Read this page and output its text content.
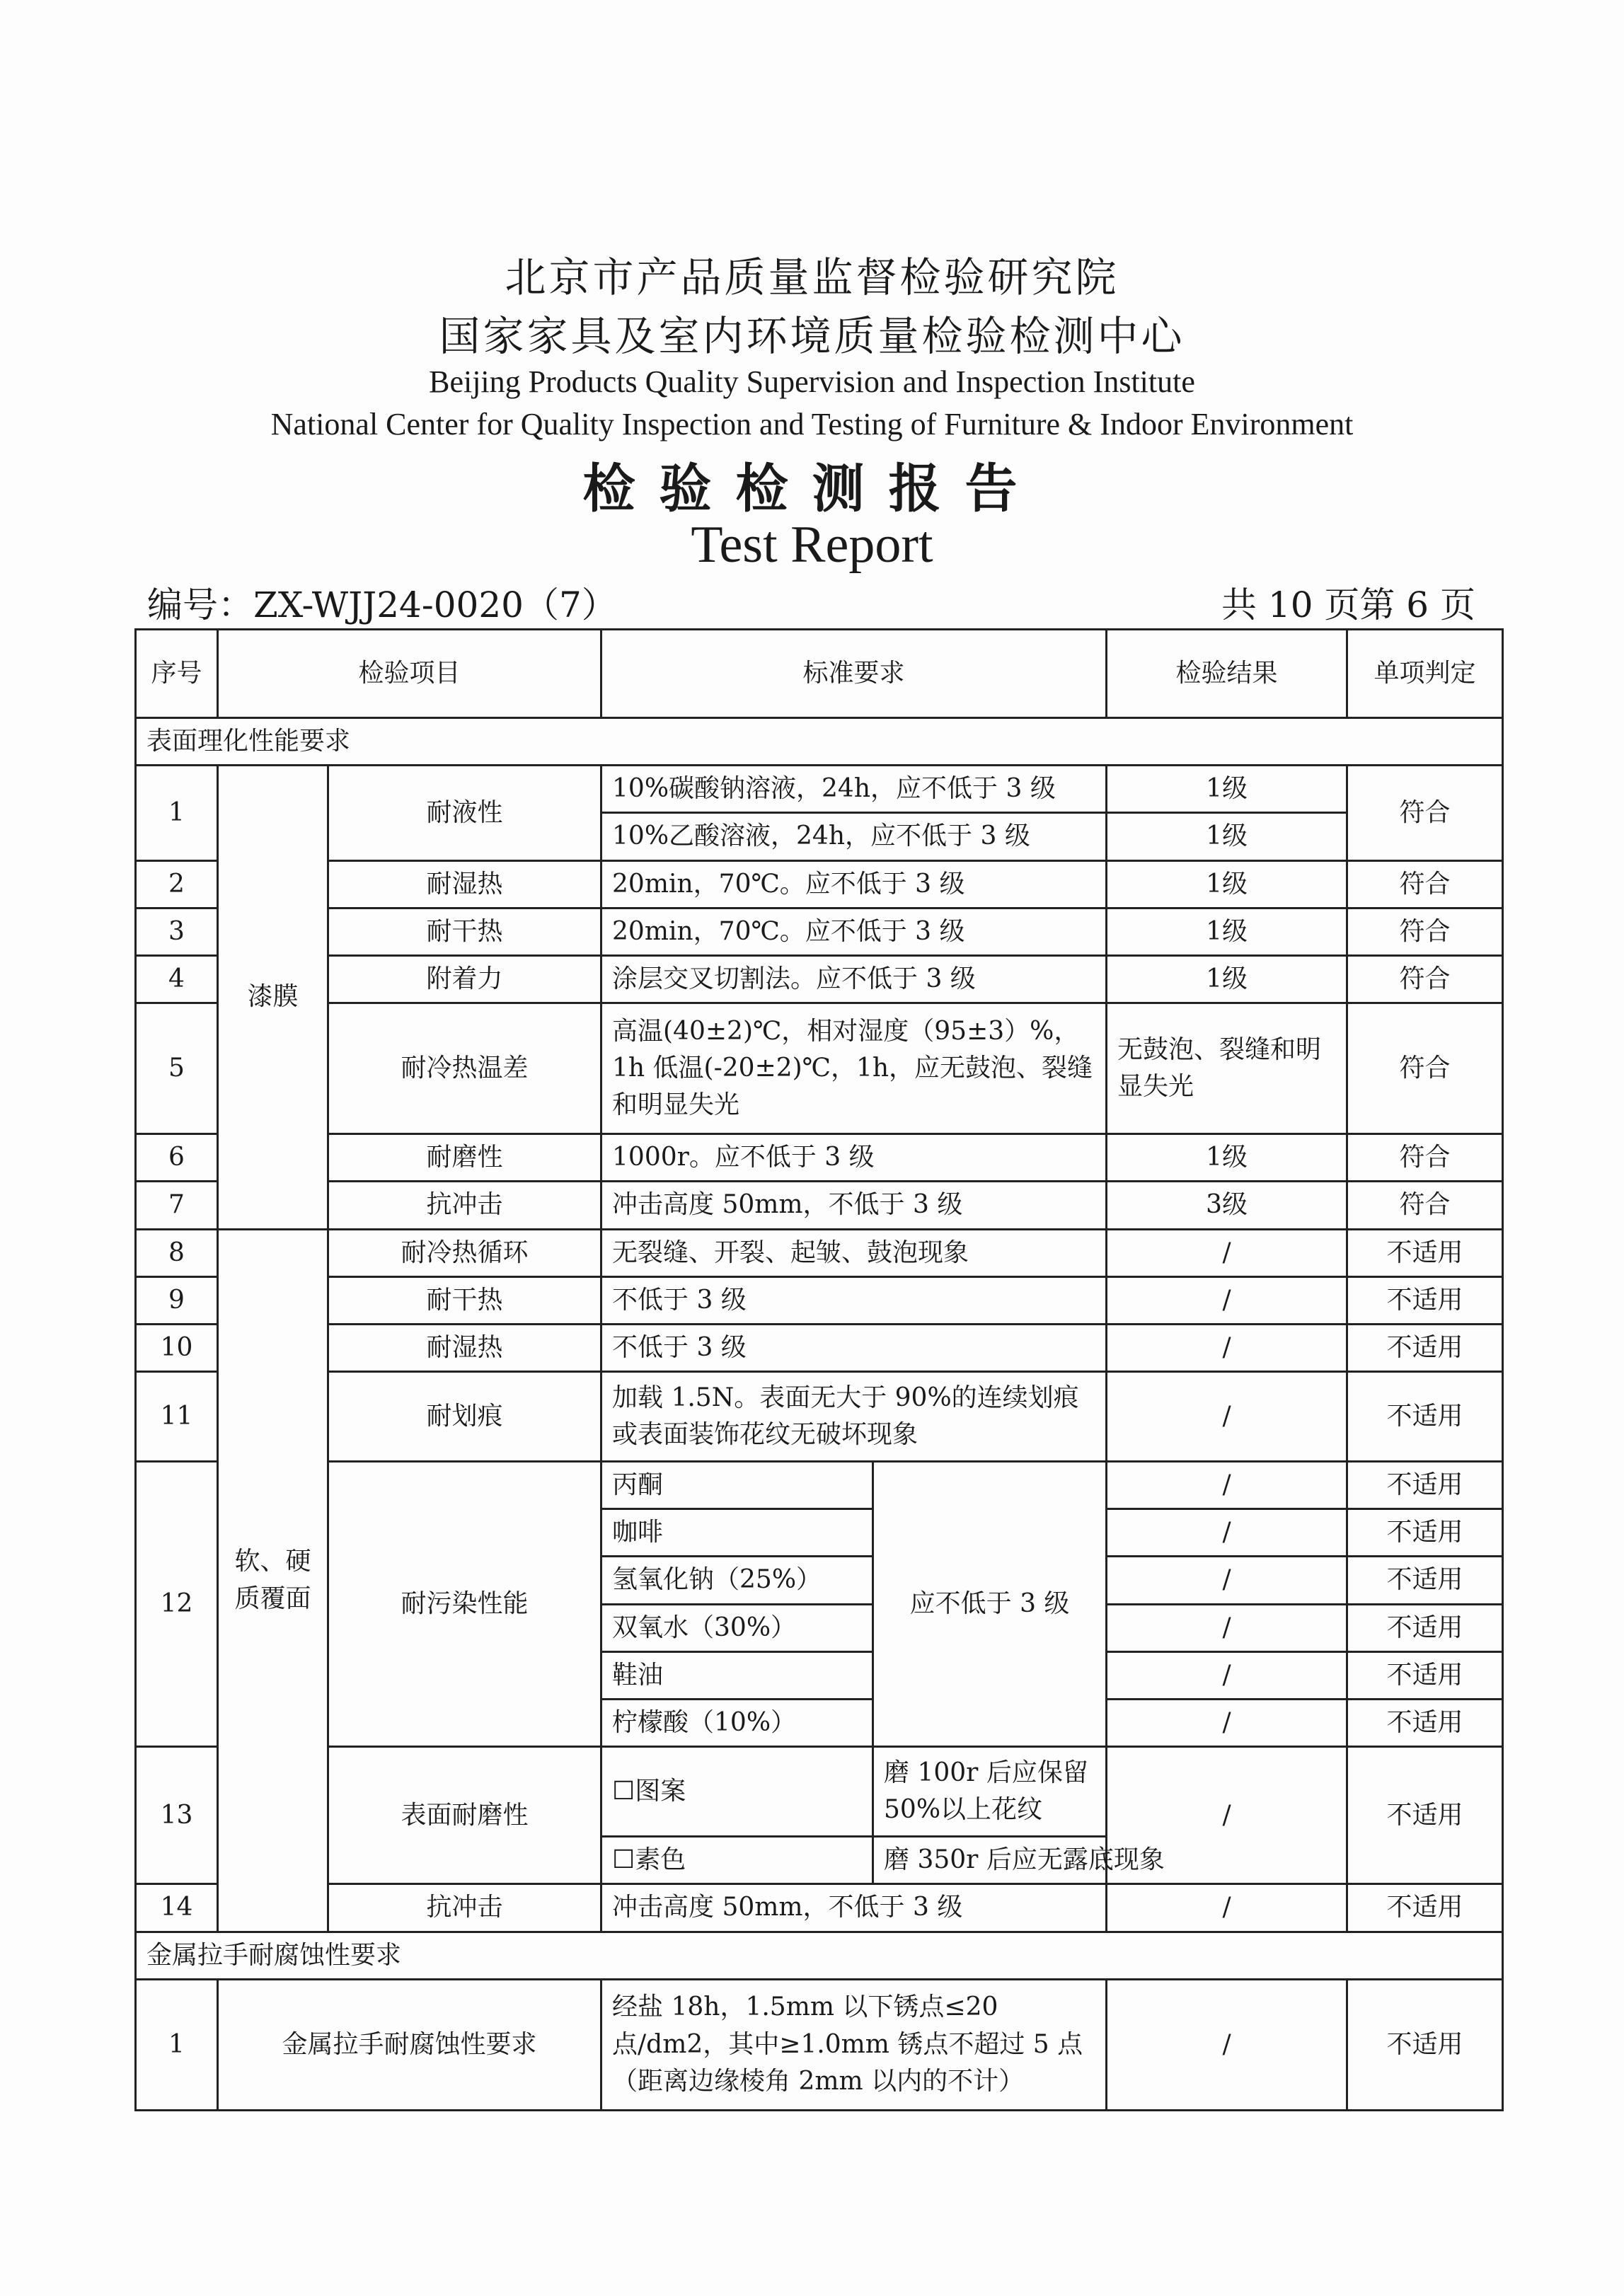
北京市产品质量监督检验研究院
国家家具及室内环境质量检验检测中心
Beijing Products Quality Supervision and Inspection Institute
National Center for Quality Inspection and Testing of Furniture & Indoor Environment
检验检测报告
Test Report
编号：ZX-WJJ24-0020（7）	共 10 页第 6 页
序号	检验项目		标准要求		检验结果	单项判定
表面理化性能要求						
1	漆膜	耐液性	10%碳酸钠溶液，24h，应不低于 3 级		1级	符合
			10%乙酸溶液，24h，应不低于 3 级		1级	
2		耐湿热	20min，70℃。应不低于 3 级		1级	符合
3		耐干热	20min，70℃。应不低于 3 级		1级	符合
4		附着力	涂层交叉切割法。应不低于 3 级		1级	符合
5		耐冷热温差	高温(40±2)℃，相对湿度（95±3）%，1h 低温(-20±2)℃，1h，应无鼓泡、裂缝和明显失光		无鼓泡、裂缝和明显失光	符合
6		耐磨性	1000r。应不低于 3 级		1级	符合
7		抗冲击	冲击高度 50mm，不低于 3 级		3级	符合
8	软、硬质覆面	耐冷热循环	无裂缝、开裂、起皱、鼓泡现象		/	不适用
9		耐干热	不低于 3 级		/	不适用
10		耐湿热	不低于 3 级		/	不适用
11		耐划痕	加载 1.5N。表面无大于 90%的连续划痕或表面装饰花纹无破坏现象		/	不适用
12		耐污染性能	丙酮	应不低于 3 级	/	不适用
			咖啡		/	不适用
			氢氧化钠（25%）		/	不适用
			双氧水（30%）		/	不适用
			鞋油		/	不适用
			柠檬酸（10%）		/	不适用
13		表面耐磨性	☐图案	磨 100r 后应保留 50%以上花纹	/	不适用
			☐素色	磨 350r 后应无露底现象		
14		抗冲击	冲击高度 50mm，不低于 3 级		/	不适用
金属拉手耐腐蚀性要求						
1	金属拉手耐腐蚀性要求		经盐 18h，1.5mm 以下锈点≤20 点/dm2，其中≥1.0mm 锈点不超过 5 点（距离边缘棱角 2mm 以内的不计）		/	不适用
